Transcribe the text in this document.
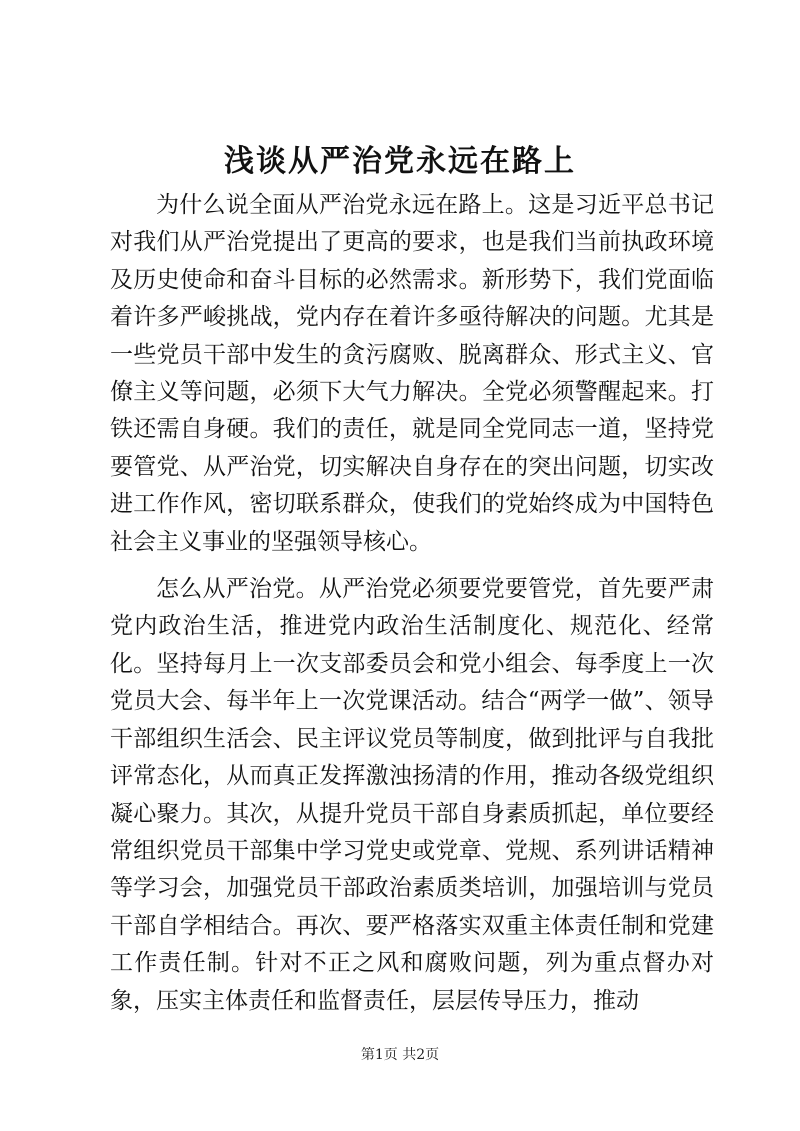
浅谈从严治党永远在路上

为什么说全面从严治党永远在路上。这是习近平总书记对我们从严治党提出了更高的要求，也是我们当前执政环境及历史使命和奋斗目标的必然需求。新形势下，我们党面临着许多严峻挑战，党内存在着许多亟待解决的问题。尤其是一些党员干部中发生的贪污腐败、脱离群众、形式主义、官僚主义等问题，必须下大气力解决。全党必须警醒起来。打铁还需自身硬。我们的责任，就是同全党同志一道，坚持党要管党、从严治党，切实解决自身存在的突出问题，切实改进工作作风，密切联系群众，使我们的党始终成为中国特色社会主义事业的坚强领导核心。

怎么从严治党。从严治党必须要党要管党，首先要严肃党内政治生活，推进党内政治生活制度化、规范化、经常化。坚持每月上一次支部委员会和党小组会、每季度上一次党员大会、每半年上一次党课活动。结合“两学一做”、领导干部组织生活会、民主评议党员等制度，做到批评与自我批评常态化，从而真正发挥激浊扬清的作用，推动各级党组织凝心聚力。其次，从提升党员干部自身素质抓起，单位要经常组织党员干部集中学习党史或党章、党规、系列讲话精神等学习会，加强党员干部政治素质类培训，加强培训与党员干部自学相结合。再次、要严格落实双重主体责任制和党建工作责任制。针对不正之风和腐败问题，列为重点督办对象，压实主体责任和监督责任，层层传导压力，推动

第1页 共2页
